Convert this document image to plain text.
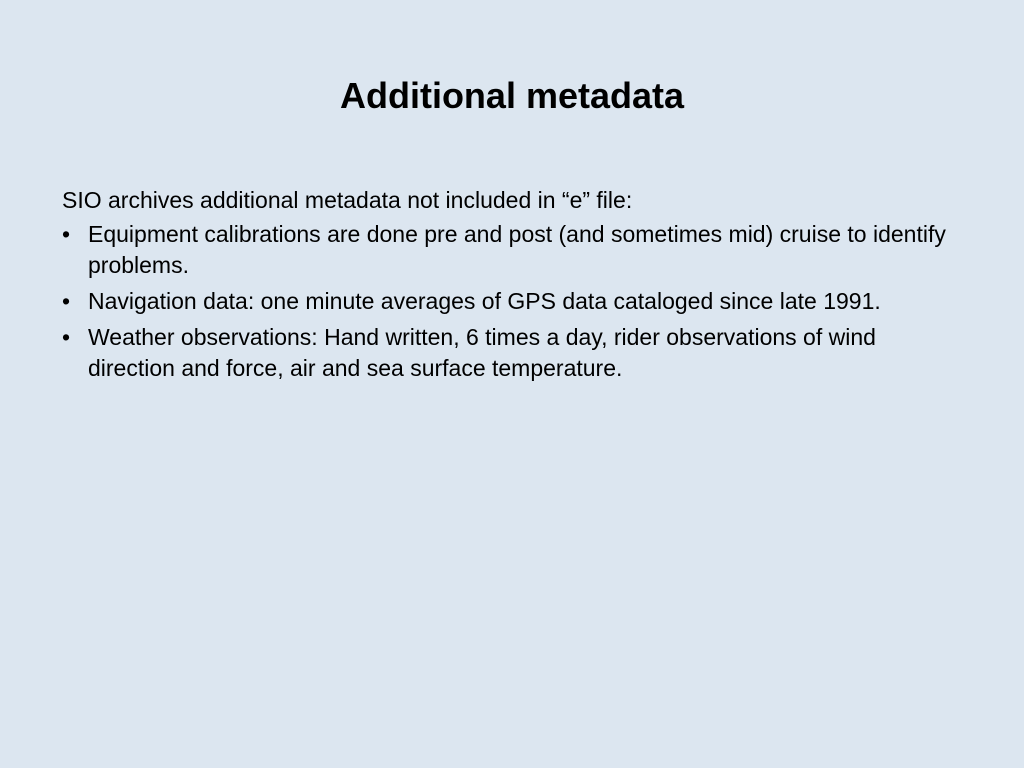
Additional metadata

SIO archives additional metadata not included in “e” file:

• Equipment calibrations are done pre and post (and sometimes mid) cruise to identify problems.
• Navigation data: one minute averages of GPS data cataloged since late 1991.
• Weather observations: Hand written, 6 times a day, rider observations of wind direction and force, air and sea surface temperature.
